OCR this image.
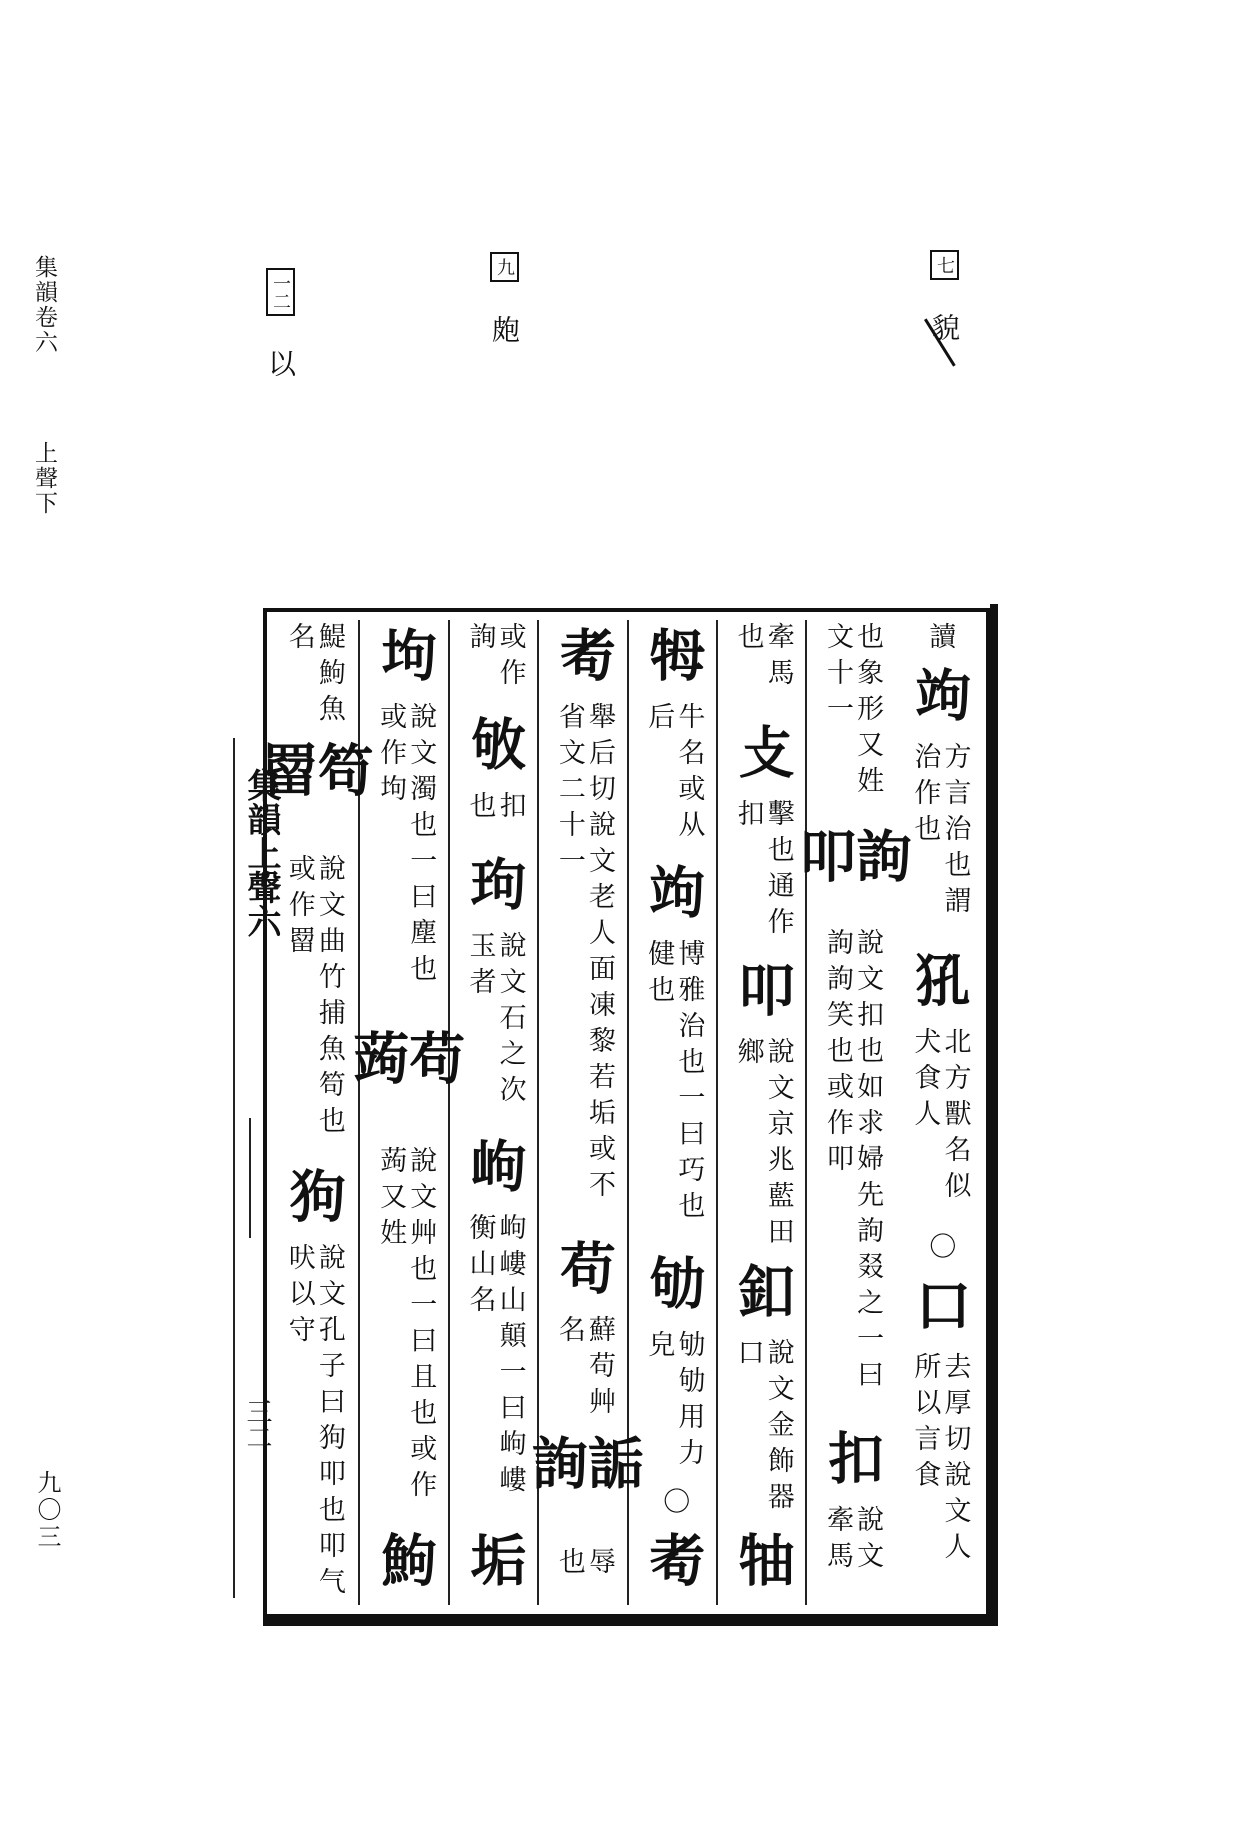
集韻卷六  上聲下
九〇三
七 貌
九 皰
一二 以
集韻上聲六
三二
讀
竘
方言治也謂治作也
犼
北方獸名似犬食人
〇
口
去厚切說文人所以言食
也象形又姓文十一
訽叩
說文扣也如求婦先訽叕之一曰訽訽笑也或作叩
扣
說文牽馬
牽馬也
攴
擊也通作扣
叩
說文京兆藍田鄉
釦
說文金飾器口
牰
牳
牛名或从后
竘
博雅治也一曰巧也健也
劬
劬劬用力皃
〇
耇
耇
舉后切說文老人面凍黎若垢或不省文二十一
苟
蘚苟艸名
詬詢
辱也
或作詢
敂
扣也
玽
說文石之次玉者
岣
岣嶁山顛一曰岣嶁衡山名
垢
坸
說文濁也一曰塵也或作坸
苟蒟
說文艸也一曰且也或作蒟又姓
鮈
鯷鮈魚名
笱罶
說文曲竹捕魚笱也或作罶
狗
說文孔子曰狗叩也叩气吠以守
